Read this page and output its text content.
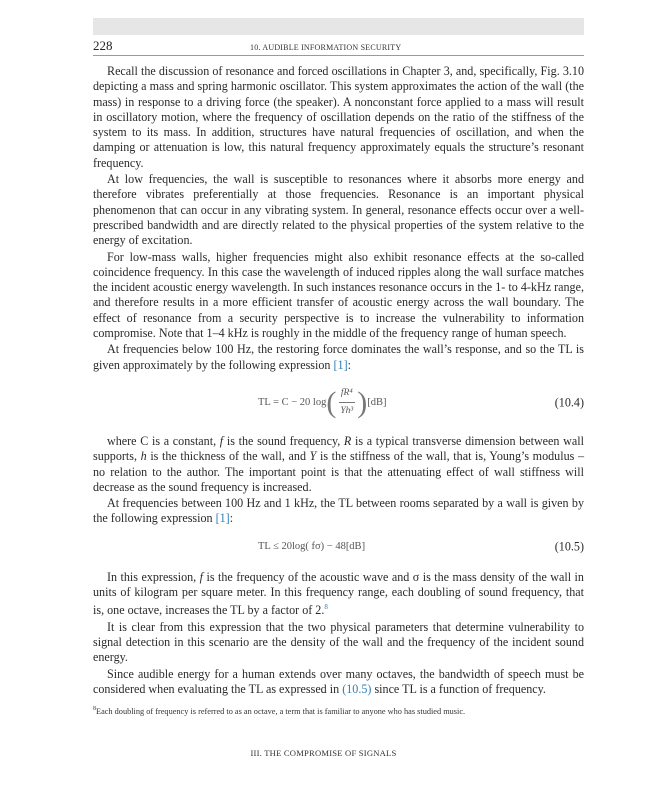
228	10. AUDIBLE INFORMATION SECURITY

Recall the discussion of resonance and forced oscillations in Chapter 3, and, specifically, Fig. 3.10 depicting a mass and spring harmonic oscillator. This system approximates the action of the wall (the mass) in response to a driving force (the speaker). A nonconstant force applied to a mass will result in oscillatory motion, where the frequency of oscillation depends on the ratio of the stiffness of the system to its mass. In addition, structures have natural frequencies of oscillation, and when the damping or attenuation is low, this natural frequency approximately equals the structure’s resonant frequency.

At low frequencies, the wall is susceptible to resonances where it absorbs more energy and therefore vibrates preferentially at those frequencies. Resonance is an important physical phenomenon that can occur in any vibrating system. In general, resonance effects occur over a well-prescribed bandwidth and are directly related to the physical properties of the system relative to the energy of excitation.

For low-mass walls, higher frequencies might also exhibit resonance effects at the so-called coincidence frequency. In this case the wavelength of induced ripples along the wall surface matches the incident acoustic energy wavelength. In such instances resonance occurs in the 1- to 4-kHz range, and therefore results in a more efficient transfer of acoustic energy across the wall boundary. The effect of resonance from a security perspective is to increase the vulnerability to information compromise. Note that 1–4 kHz is roughly in the middle of the frequency range of human speech.

At frequencies below 100 Hz, the restoring force dominates the wall’s response, and so the TL is given approximately by the following expression [1]:

TL = C − 20 log ( $\frac{\text{fR⁴}}{\text{Yh³}}$ ) [dB]	(10.4)

where C is a constant, f is the sound frequency, R is a typical transverse dimension between wall supports, h is the thickness of the wall, and Y is the stiffness of the wall, that is, Young’s modulus – no relation to the author. The important point is that the attenuating effect of wall stiffness will decrease as the sound frequency is increased.

At frequencies between 100 Hz and 1 kHz, the TL between rooms separated by a wall is given by the following expression [1]:

TL ≤ 20log( fσ) − 48[dB]	(10.5)

In this expression, f is the frequency of the acoustic wave and σ is the mass density of the wall in units of kilogram per square meter. In this frequency range, each doubling of sound frequency, that is, one octave, increases the TL by a factor of 2.$^8$

It is clear from this expression that the two physical parameters that determine vulnerability to signal detection in this scenario are the density of the wall and the frequency of the incident sound energy.

Since audible energy for a human extends over many octaves, the bandwidth of speech must be considered when evaluating the TL as expressed in (10.5) since TL is a function of frequency.

$^8$Each doubling of frequency is referred to as an octave, a term that is familiar to anyone who has studied music.
III. THE COMPROMISE OF SIGNALS
